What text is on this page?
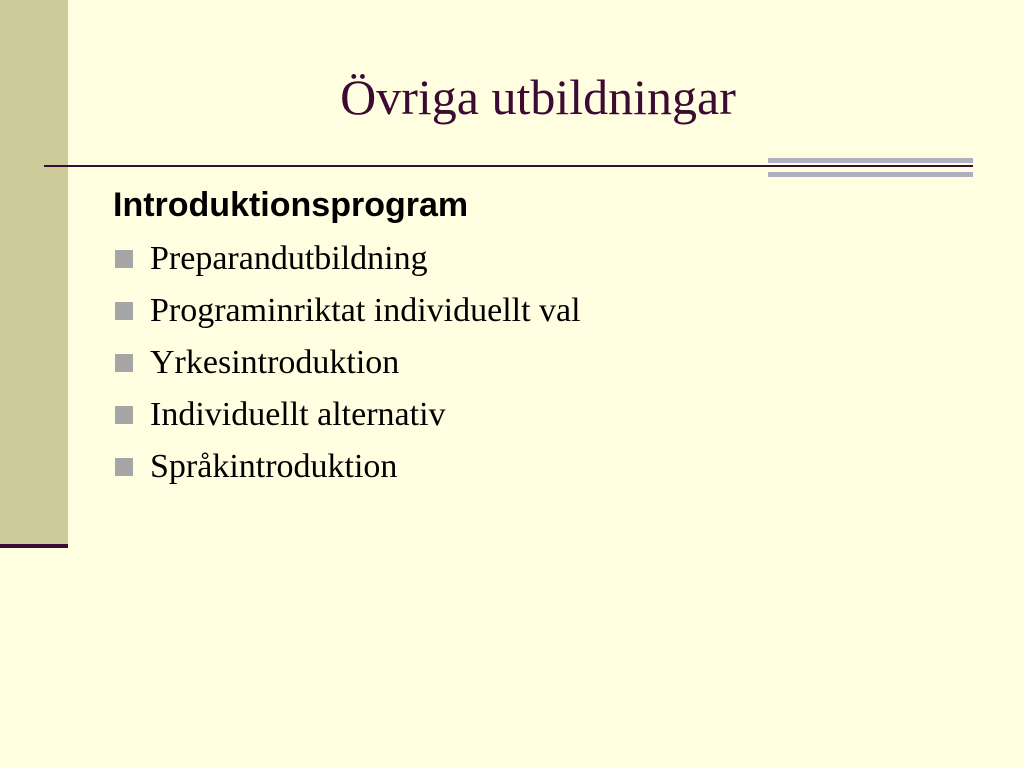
Övriga utbildningar
Introduktionsprogram
Preparandutbildning
Programinriktat individuellt val
Yrkesintroduktion
Individuellt alternativ
Språkintroduktion
